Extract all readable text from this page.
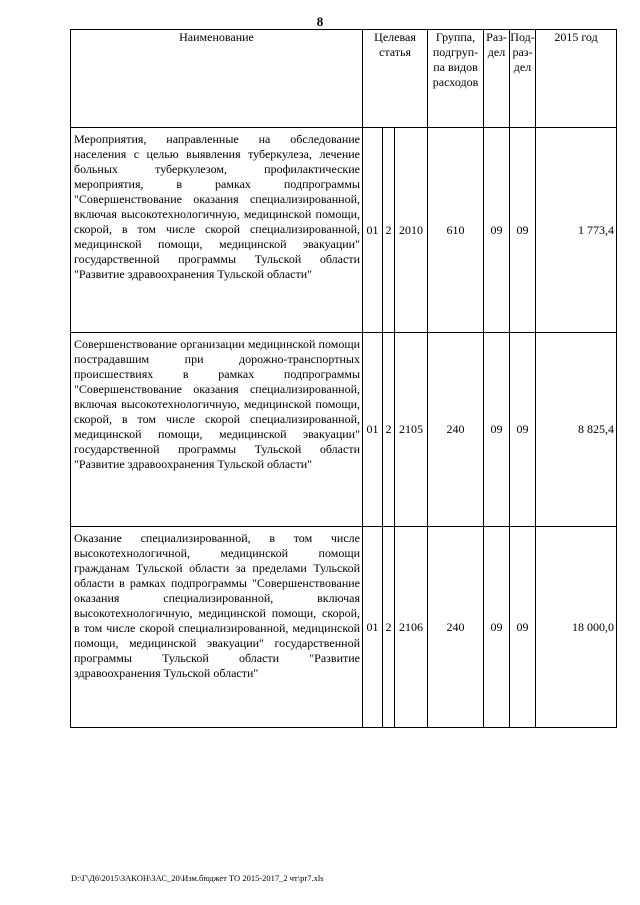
8
Наименование	Целевая статья			Группа, подгруп-па видов расходов	Раз-дел	Под-раз-дел	2015 год
Мероприятия, направленные на обследование населения с целью выявления туберкулеза, лечение больных туберкулезом, профилактические мероприятия, в рамках подпрограммы "Совершенствование оказания специализированной, включая высокотехнологичную, медицинской помощи, скорой, в том числе скорой специализированной, медицинской помощи, медицинской эвакуации" государственной программы Тульской области "Развитие здравоохранения Тульской области"	01	2	2010	610	09	09	1 773,4
Совершенствование организации медицинской помощи пострадавшим при дорожно-транспортных происшествиях в рамках подпрограммы "Совершенствование оказания специализированной, включая высокотехнологичную, медицинской помощи, скорой, в том числе скорой специализированной, медицинской помощи, медицинской эвакуации" государственной программы Тульской области "Развитие здравоохранения Тульской области"	01	2	2105	240	09	09	8 825,4
Оказание специализированной, в том числе высокотехнологичной, медицинской помощи гражданам Тульской области за пределами Тульской области в рамках подпрограммы "Совершенствование оказания специализированной, включая высокотехнологичную, медицинской помощи, скорой, в том числе скорой специализированной, медицинской помощи, медицинской эвакуации" государственной программы Тульской области "Развитие здравоохранения Тульской области"	01	2	2106	240	09	09	18 000,0
D:\Г\Д6\2015\ЗАКОН\ЗАС_20\Изм.бюджет ТО 2015-2017_2 чт\pr7.xls
